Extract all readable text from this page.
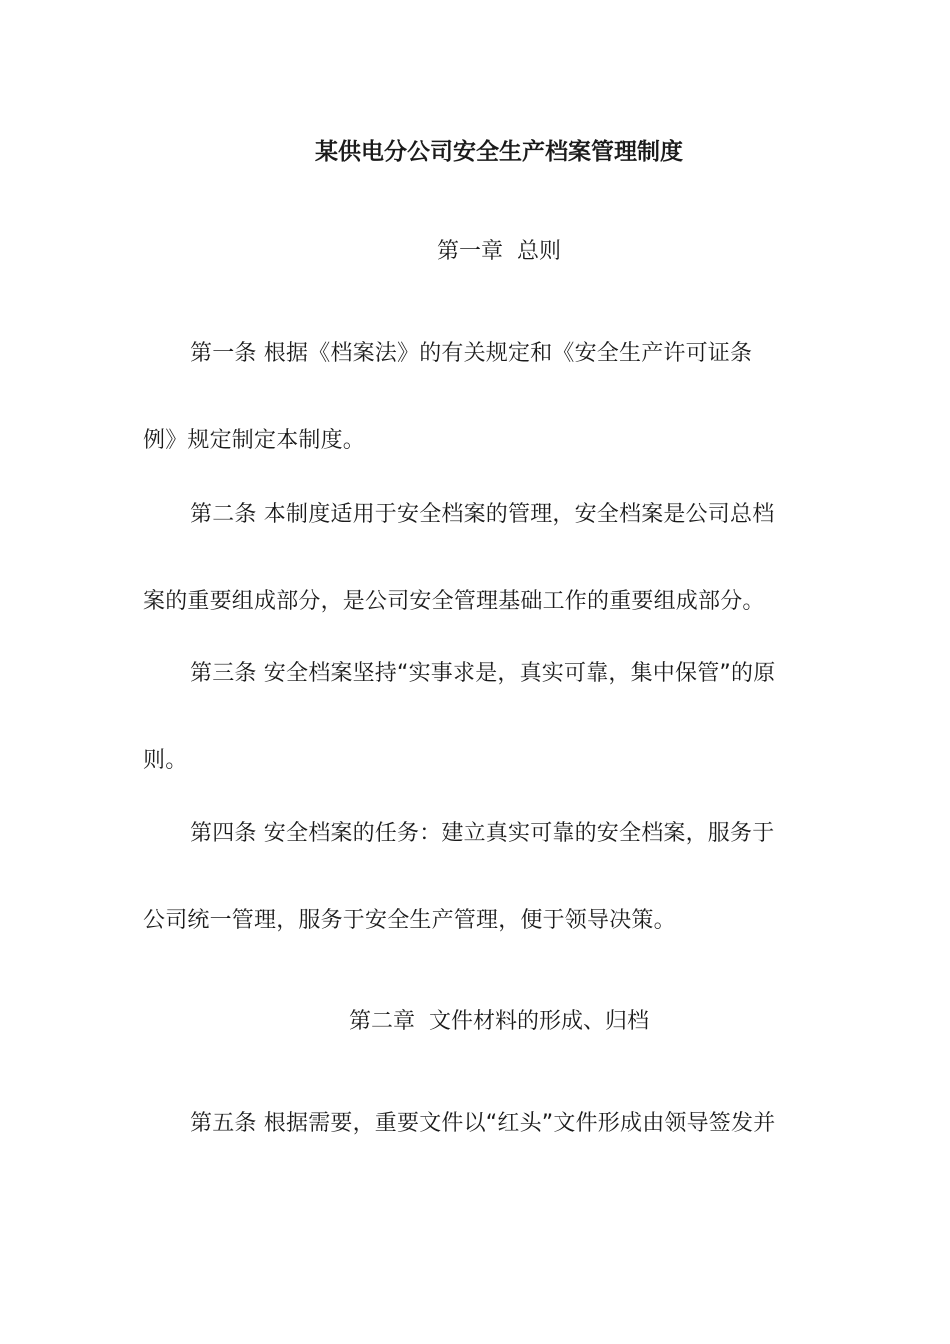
某供电分公司安全生产档案管理制度
第一章 总则
第一条 根据《档案法》的有关规定和《安全生产许可证条
例》规定制定本制度。
第二条 本制度适用于安全档案的管理，安全档案是公司总档
案的重要组成部分，是公司安全管理基础工作的重要组成部分。
第三条 安全档案坚持“实事求是，真实可靠，集中保管”的原
则。
第四条 安全档案的任务：建立真实可靠的安全档案，服务于
公司统一管理，服务于安全生产管理，便于领导决策。
第二章 文件材料的形成、归档
第五条 根据需要，重要文件以“红头”文件形成由领导签发并
